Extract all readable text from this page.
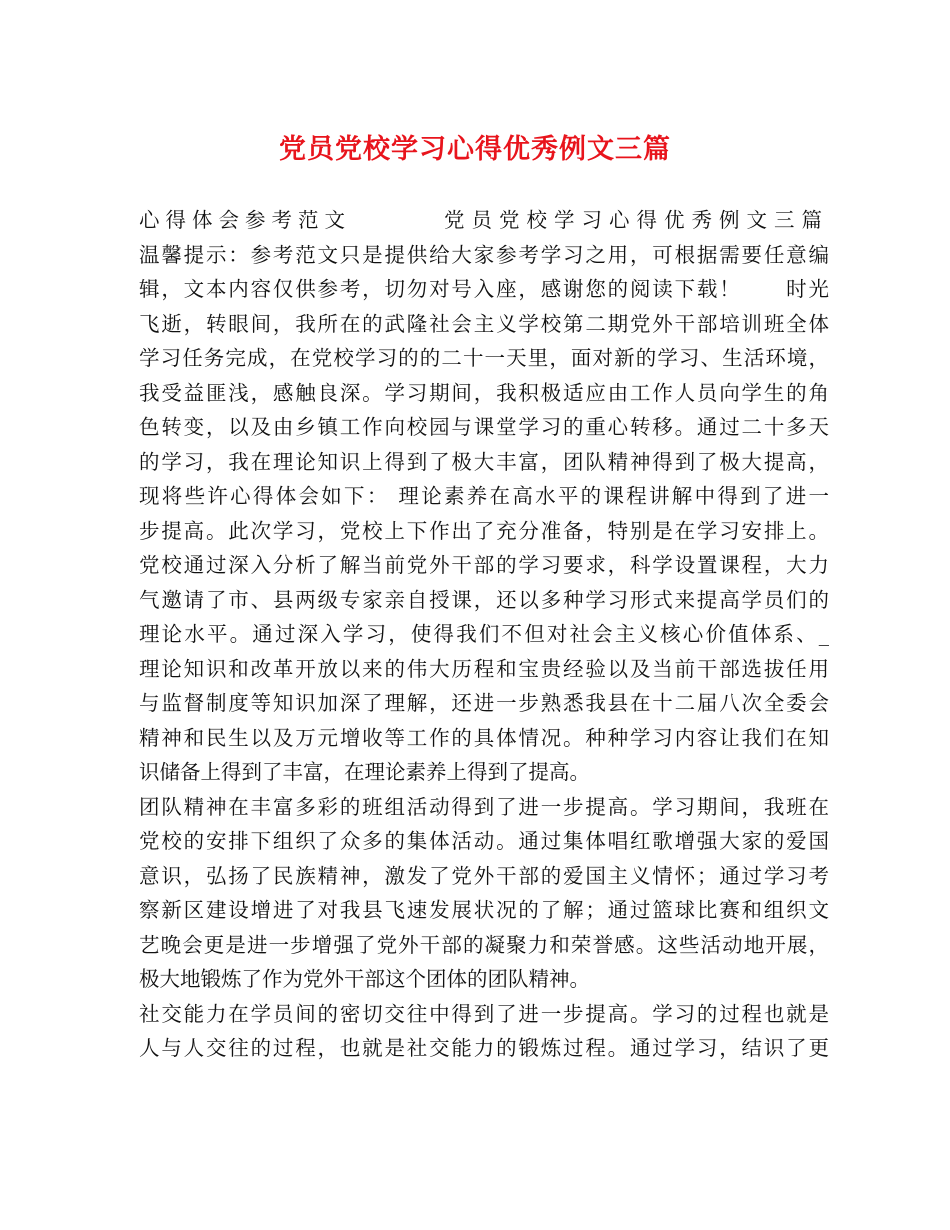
党员党校学习心得优秀例文三篇
心得体会参考范文	党员党校学习心得优秀例文三篇
温馨提示：参考范文只是提供给大家参考学习之用，可根据需要任意编
辑，文本内容仅供参考，切勿对号入座，感谢您的阅读下载！　　时光
飞逝，转眼间，我所在的武隆社会主义学校第二期党外干部培训班全体
学习任务完成，在党校学习的的二十一天里，面对新的学习、生活环境，
我受益匪浅，感触良深。学习期间，我积极适应由工作人员向学生的角
色转变，以及由乡镇工作向校园与课堂学习的重心转移。通过二十多天
的学习，我在理论知识上得到了极大丰富，团队精神得到了极大提高，
现将些许心得体会如下： 理论素养在高水平的课程讲解中得到了进一
步提高。此次学习，党校上下作出了充分准备，特别是在学习安排上。
党校通过深入分析了解当前党外干部的学习要求，科学设置课程，大力
气邀请了市、县两级专家亲自授课，还以多种学习形式来提高学员们的
理论水平。通过深入学习，使得我们不但对社会主义核心价值体系、_
理论知识和改革开放以来的伟大历程和宝贵经验以及当前干部选拔任用
与监督制度等知识加深了理解，还进一步熟悉我县在十二届八次全委会
精神和民生以及万元增收等工作的具体情况。种种学习内容让我们在知
识储备上得到了丰富，在理论素养上得到了提高。
团队精神在丰富多彩的班组活动得到了进一步提高。学习期间，我班在
党校的安排下组织了众多的集体活动。通过集体唱红歌增强大家的爱国
意识，弘扬了民族精神，激发了党外干部的爱国主义情怀；通过学习考
察新区建设增进了对我县飞速发展状况的了解；通过篮球比赛和组织文
艺晚会更是进一步增强了党外干部的凝聚力和荣誉感。这些活动地开展，
极大地锻炼了作为党外干部这个团体的团队精神。
社交能力在学员间的密切交往中得到了进一步提高。学习的过程也就是
人与人交往的过程，也就是社交能力的锻炼过程。通过学习，结识了更
